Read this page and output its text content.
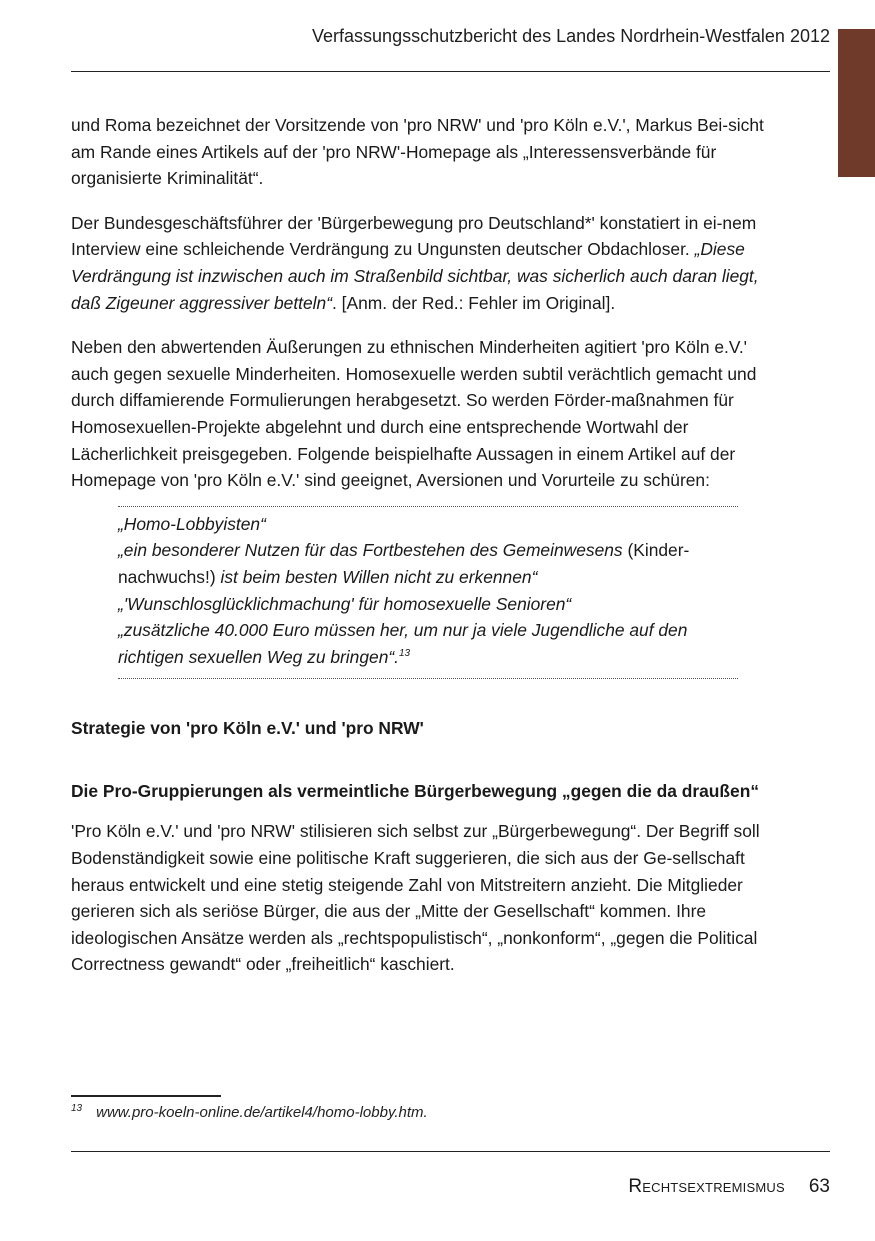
Verfassungsschutzbericht des Landes Nordrhein-Westfalen 2012

und Roma bezeichnet der Vorsitzende von 'pro NRW' und 'pro Köln e.V.', Markus Bei-sicht am Rande eines Artikels auf der 'pro NRW'-Homepage als „Interessensverbände für organisierte Kriminalität“.

Der Bundesgeschäftsführer der 'Bürgerbewegung pro Deutschland*' konstatiert in ei-nem Interview eine schleichende Verdrängung zu Ungunsten deutscher Obdachloser. „Diese Verdrängung ist inzwischen auch im Straßenbild sichtbar, was sicherlich auch daran liegt, daß Zigeuner aggressiver betteln“. [Anm. der Red.: Fehler im Original].

Neben den abwertenden Äußerungen zu ethnischen Minderheiten agitiert 'pro Köln e.V.' auch gegen sexuelle Minderheiten. Homosexuelle werden subtil verächtlich gemacht und durch diffamierende Formulierungen herabgesetzt. So werden Förder-maßnahmen für Homosexuellen-Projekte abgelehnt und durch eine entsprechende Wortwahl der Lächerlichkeit preisgegeben. Folgende beispielhafte Aussagen in einem Artikel auf der Homepage von 'pro Köln e.V.' sind geeignet, Aversionen und Vorurteile zu schüren:

„Homo-Lobbyisten“
„ein besonderer Nutzen für das Fortbestehen des Gemeinwesens (Kinder-nachwuchs!) ist beim besten Willen nicht zu erkennen“
„'Wunschlosglücklichmachung' für homosexuelle Senioren“
„zusätzliche 40.000 Euro müssen her, um nur ja viele Jugendliche auf den richtigen sexuellen Weg zu bringen“.$^{13}$
Strategie von 'pro Köln e.V.' und 'pro NRW'
Die Pro-Gruppierungen als vermeintliche Bürgerbewegung „gegen die da draußen“

'Pro Köln e.V.' und 'pro NRW' stilisieren sich selbst zur „Bürgerbewegung“. Der Begriff soll Bodenständigkeit sowie eine politische Kraft suggerieren, die sich aus der Ge-sellschaft heraus entwickelt und eine stetig steigende Zahl von Mitstreitern anzieht. Die Mitglieder gerieren sich als seriöse Bürger, die aus der „Mitte der Gesellschaft“ kommen. Ihre ideologischen Ansätze werden als „rechtspopulistisch“, „nonkonform“, „gegen die Political Correctness gewandt“ oder „freiheitlich“ kaschiert.

$^{13}$ www.pro-koeln-online.de/artikel4/homo-lobby.htm.
Rechtsextremismus 63
